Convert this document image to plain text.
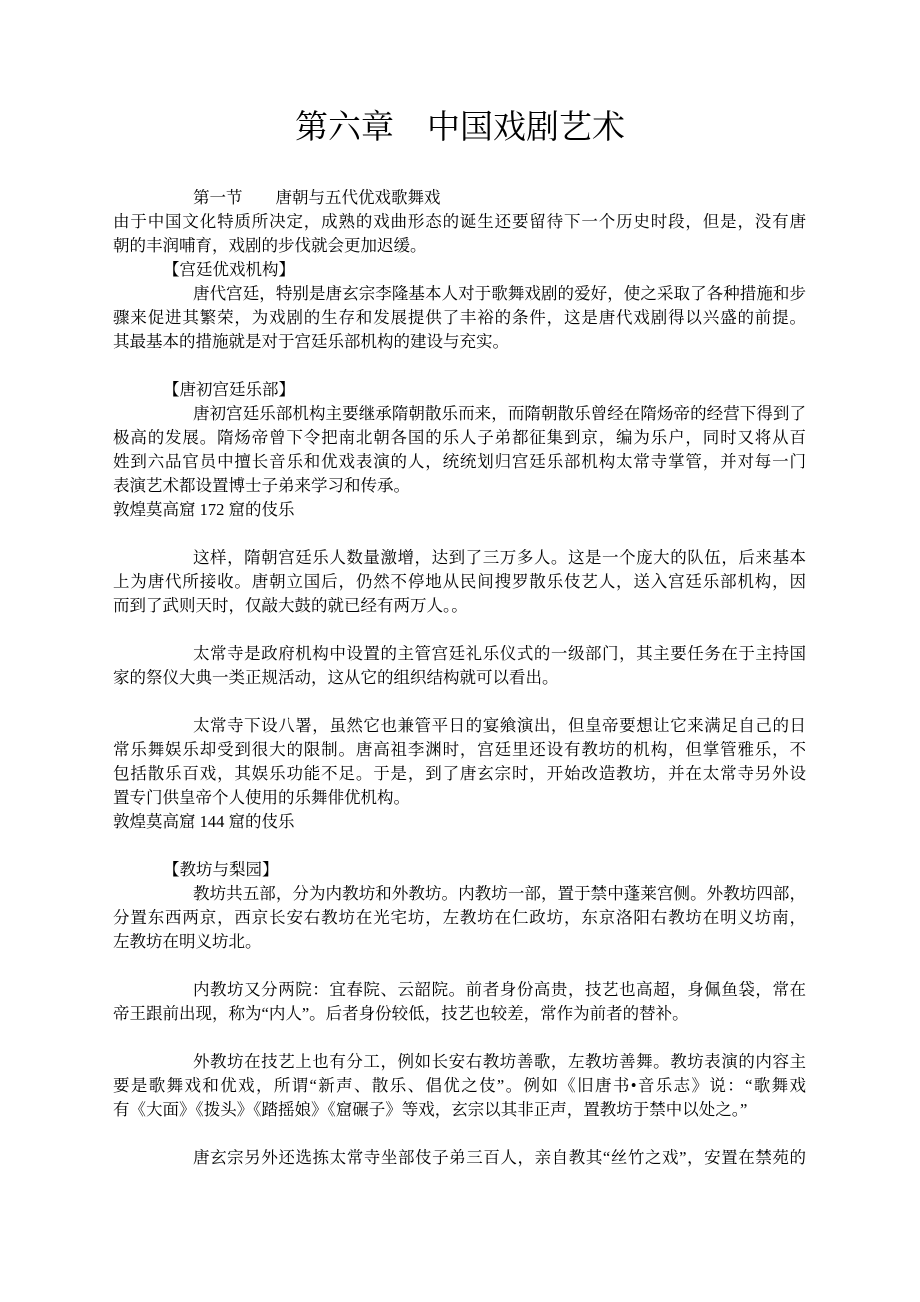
第六章　中国戏剧艺术
第一节　　唐朝与五代优戏歌舞戏
由于中国文化特质所决定，成熟的戏曲形态的诞生还要留待下一个历史时段，但是，没有唐
朝的丰润哺育，戏剧的步伐就会更加迟缓。
【宫廷优戏机构】
唐代宫廷，特别是唐玄宗李隆基本人对于歌舞戏剧的爱好，使之采取了各种措施和步
骤来促进其繁荣，为戏剧的生存和发展提供了丰裕的条件，这是唐代戏剧得以兴盛的前提。
其最基本的措施就是对于宫廷乐部机构的建设与充实。
【唐初宫廷乐部】
唐初宫廷乐部机构主要继承隋朝散乐而来，而隋朝散乐曾经在隋炀帝的经营下得到了
极高的发展。隋炀帝曾下令把南北朝各国的乐人子弟都征集到京，编为乐户，同时又将从百
姓到六品官员中擅长音乐和优戏表演的人，统统划归宫廷乐部机构太常寺掌管，并对每一门
表演艺术都设置博士子弟来学习和传承。
敦煌莫高窟 172 窟的伎乐
这样，隋朝宫廷乐人数量激增，达到了三万多人。这是一个庞大的队伍，后来基本
上为唐代所接收。唐朝立国后，仍然不停地从民间搜罗散乐伎艺人，送入宫廷乐部机构，因
而到了武则天时，仅敲大鼓的就已经有两万人。。
太常寺是政府机构中设置的主管宫廷礼乐仪式的一级部门，其主要任务在于主持国
家的祭仪大典一类正规活动，这从它的组织结构就可以看出。
太常寺下设八署，虽然它也兼管平日的宴飨演出，但皇帝要想让它来满足自己的日
常乐舞娱乐却受到很大的限制。唐高祖李渊时，宫廷里还设有教坊的机构，但掌管雅乐，不
包括散乐百戏，其娱乐功能不足。于是，到了唐玄宗时，开始改造教坊，并在太常寺另外设
置专门供皇帝个人使用的乐舞俳优机构。
敦煌莫高窟 144 窟的伎乐
【教坊与梨园】
教坊共五部，分为内教坊和外教坊。内教坊一部，置于禁中蓬莱宫侧。外教坊四部，
分置东西两京，西京长安右教坊在光宅坊，左教坊在仁政坊，东京洛阳右教坊在明义坊南，
左教坊在明义坊北。
内教坊又分两院：宜春院、云韶院。前者身份高贵，技艺也高超，身佩鱼袋，常在
帝王跟前出现，称为“内人”。后者身份较低，技艺也较差，常作为前者的替补。
外教坊在技艺上也有分工，例如长安右教坊善歌，左教坊善舞。教坊表演的内容主
要是歌舞戏和优戏，所谓“新声、散乐、倡优之伎”。例如《旧唐书•音乐志》说：“歌舞戏
有《大面》《拨头》《踏摇娘》《窟碾子》等戏，玄宗以其非正声，置教坊于禁中以处之。”
唐玄宗另外还选拣太常寺坐部伎子弟三百人，亲自教其“丝竹之戏”，安置在禁苑的
